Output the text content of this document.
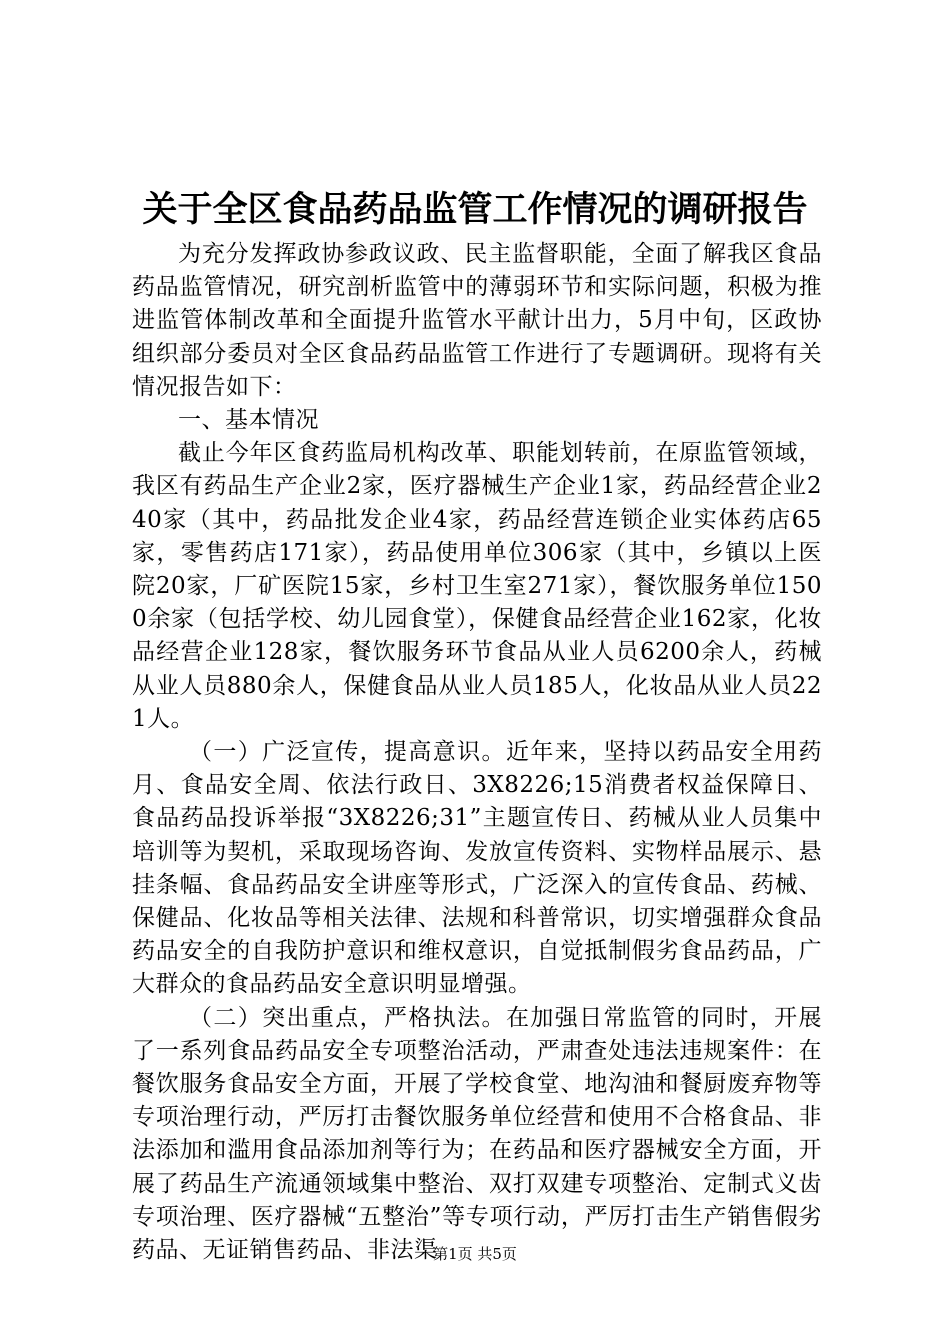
关于全区食品药品监管工作情况的调研报告

为充分发挥政协参政议政、民主监督职能，全面了解我区食品药品监管情况，研究剖析监管中的薄弱环节和实际问题，积极为推进监管体制改革和全面提升监管水平献计出力，5月中旬，区政协组织部分委员对全区食品药品监管工作进行了专题调研。现将有关情况报告如下：

一、基本情况

截止今年区食药监局机构改革、职能划转前，在原监管领域，我区有药品生产企业2家，医疗器械生产企业1家，药品经营企业240家（其中，药品批发企业4家，药品经营连锁企业实体药店65家，零售药店171家），药品使用单位306家（其中，乡镇以上医院20家，厂矿医院15家，乡村卫生室271家），餐饮服务单位1500余家（包括学校、幼儿园食堂），保健食品经营企业162家，化妆品经营企业128家，餐饮服务环节食品从业人员6200余人，药械从业人员880余人，保健食品从业人员185人，化妆品从业人员221人。

（一）广泛宣传，提高意识。近年来，坚持以药品安全用药月、食品安全周、依法行政日、3X8226;15消费者权益保障日、食品药品投诉举报“3X8226;31”主题宣传日、药械从业人员集中培训等为契机，采取现场咨询、发放宣传资料、实物样品展示、悬挂条幅、食品药品安全讲座等形式，广泛深入的宣传食品、药械、保健品、化妆品等相关法律、法规和科普常识，切实增强群众食品药品安全的自我防护意识和维权意识，自觉抵制假劣食品药品，广大群众的食品药品安全意识明显增强。

（二）突出重点，严格执法。在加强日常监管的同时，开展了一系列食品药品安全专项整治活动，严肃查处违法违规案件：在餐饮服务食品安全方面，开展了学校食堂、地沟油和餐厨废弃物等专项治理行动，严厉打击餐饮服务单位经营和使用不合格食品、非法添加和滥用食品添加剂等行为；在药品和医疗器械安全方面，开展了药品生产流通领域集中整治、双打双建专项整治、定制式义齿专项治理、医疗器械“五整治”等专项行动，严厉打击生产销售假劣药品、无证销售药品、非法渠

第1页 共5页
